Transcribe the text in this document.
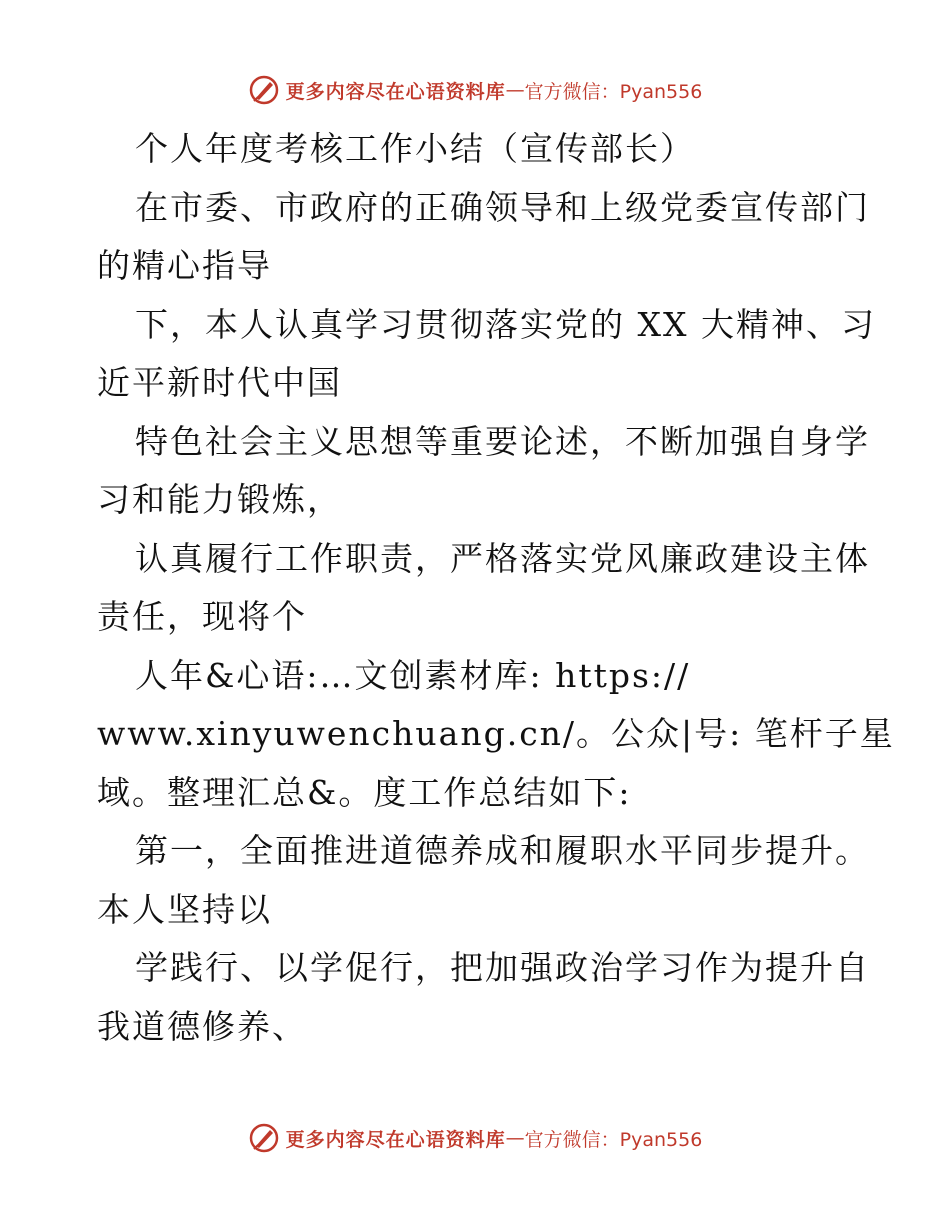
更多内容尽在心语资料库 — 官方微信：Pyan556
个人年度考核工作小结（宣传部长）
在市委、市政府的正确领导和上级党委宣传部门
的精心指导
下，本人认真学习贯彻落实党的 XX 大精神、习
近平新时代中国
特色社会主义思想等重要论述，不断加强自身学
习和能力锻炼，
认真履行工作职责，严格落实党风廉政建设主体
责任，现将个
人年&心语:…文创素材库: https://
www.xinyuwenchuang.cn/。公众|号: 笔杆子星
域。整理汇总&。度工作总结如下:
第一，全面推进道德养成和履职水平同步提升。
本人坚持以
学践行、以学促行，把加强政治学习作为提升自
我道德修养、
更多内容尽在心语资料库 — 官方微信：Pyan556
